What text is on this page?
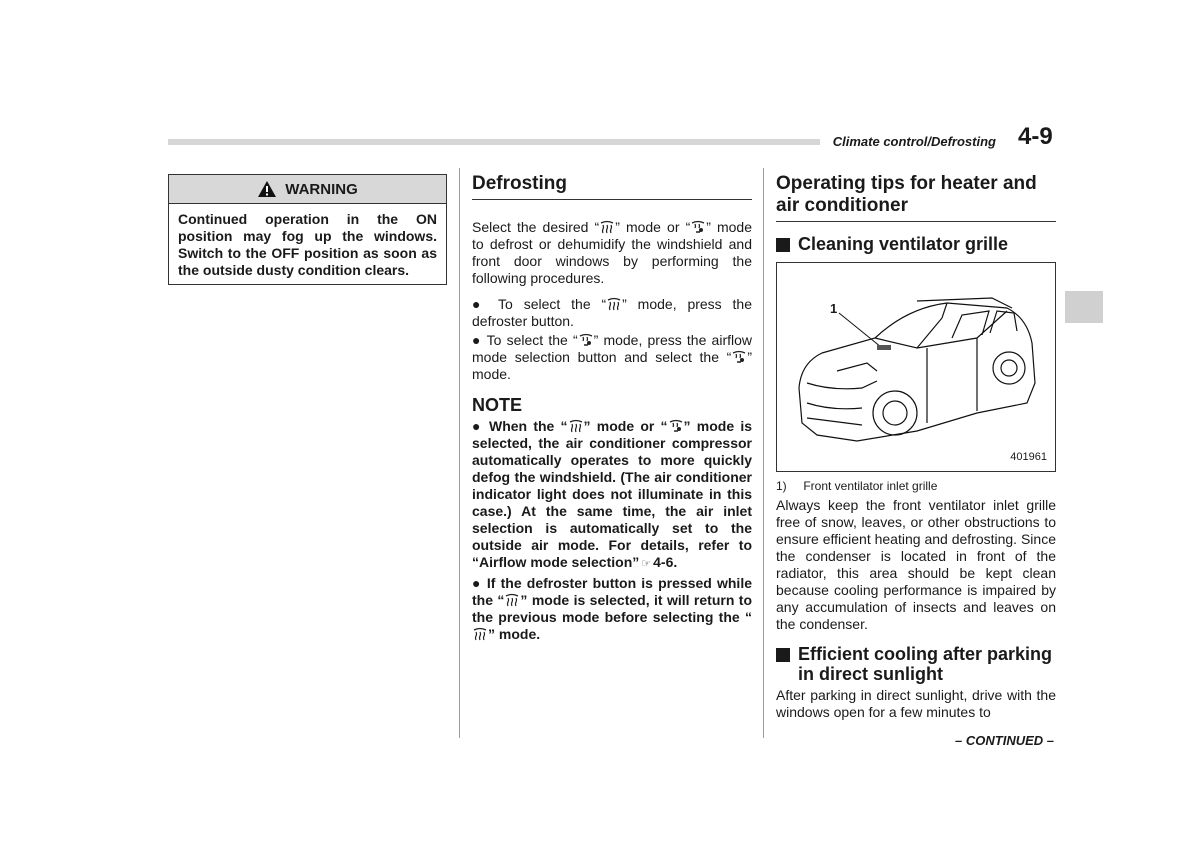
Climate control/Defrosting 4-9
WARNING
Continued operation in the ON position may fog up the windows. Switch to the OFF position as soon as the outside dusty condition clears.
Defrosting

Select the desired “ ” mode or “ ” mode to defrost or dehumidify the windshield and front door windows by performing the following procedures.

● To select the “ ” mode, press the defroster button.

● To select the “ ” mode, press the airflow mode selection button and select the “ ” mode.

NOTE

● When the “ ” mode or “ ” mode is selected, the air conditioner compressor automatically operates to more quickly defog the windshield. (The air conditioner indicator light does not illuminate in this case.) At the same time, the air inlet selection is automatically set to the outside air mode. For details, refer to “Airflow mode selection” ☞ 4-6.

● If the defroster button is pressed while the “ ” mode is selected, it will return to the previous mode before selecting the “” mode.

Operating tips for heater and air conditioner
Cleaning ventilator grille
1
401961
1) Front ventilator inlet grille

Always keep the front ventilator inlet grille free of snow, leaves, or other obstructions to ensure efficient heating and defrosting. Since the condenser is located in front of the radiator, this area should be kept clean because cooling performance is impaired by any accumulation of insects and leaves on the condenser.

Efficient cooling after parking in direct sunlight

After parking in direct sunlight, drive with the windows open for a few minutes to

– CONTINUED –
